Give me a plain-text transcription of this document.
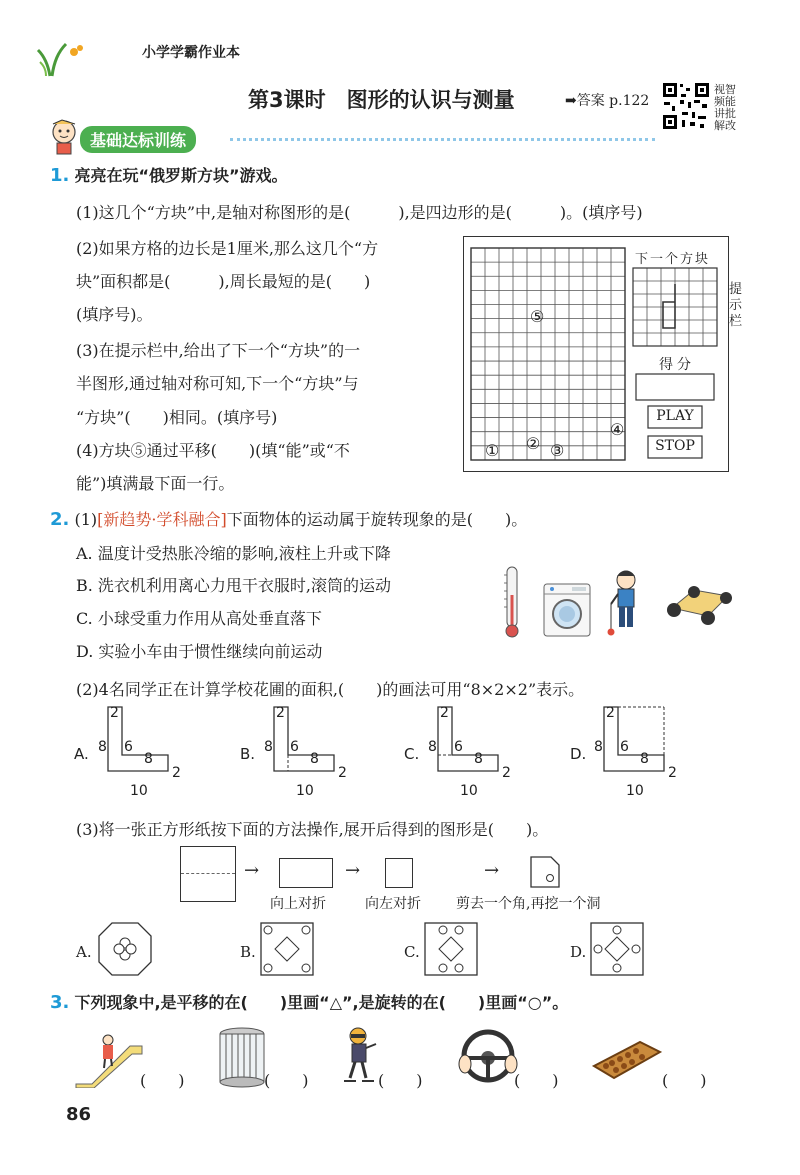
小学学霸作业本
第3课时　图形的认识与测量	➡答案 p.122
视智
频能
讲批
解改
基础达标训练
1. 亮亮在玩“俄罗斯方块”游戏。
(1)这几个“方块”中,是轴对称图形的是(　　　),是四边形的是(　　　)。(填序号)
(2)如果方格的边长是1厘米,那么这几个“方
块”面积都是(　　　),周长最短的是(　　)
(填序号)。
(3)在提示栏中,给出了下一个“方块”的一
半图形,通过轴对称可知,下一个“方块”与
“方块”(　　)相同。(填序号)
(4)方块⑤通过平移(　　)(填“能”或“不
能”)填满最下面一行。
下一个方块
提示栏
得分
PLAY
STOP
① ② ③
④
⑤
2. (1)[新趋势·学科融合]下面物体的运动属于旋转现象的是(　　)。
A. 温度计受热胀冷缩的影响,液柱上升或下降
B. 洗衣机利用离心力甩干衣服时,滚筒的运动
C. 小球受重力作用从高处垂直落下
D. 实验小车由于惯性继续向前运动
(2)4名同学正在计算学校花圃的面积,(　　)的画法可用“8×2×2”表示。
A.
2
8 6
8
2
10
B.
2
8 6
8
2
10
C.
2
8 6
8
2
10
D.
2
8 6
8
2
10
(3)将一张正方形纸按下面的方法操作,展开后得到的图形是(　　)。
→	→	→
向上对折	向左对折	剪去一个角,再挖一个洞
A.	B.	C.	D.
3. 下列现象中,是平移的在(　　)里画“△”,是旋转的在(　　)里画“○”。
(　　)	(　　)	(　　)	(　　)	(　　)
86
